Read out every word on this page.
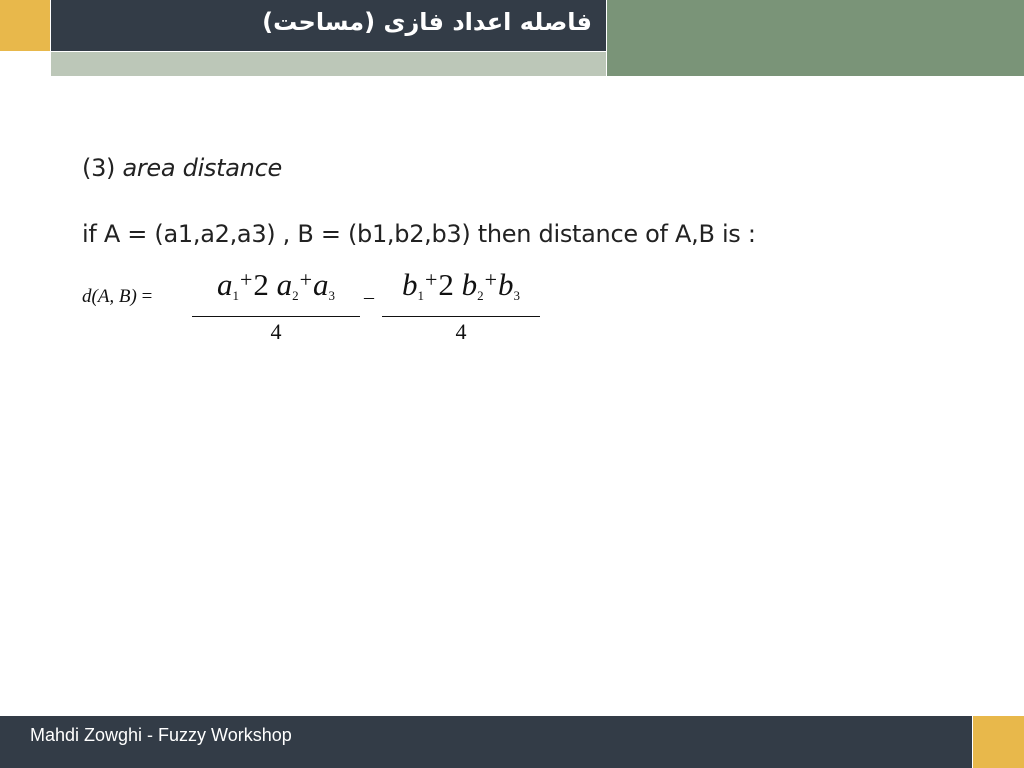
فاصله اعداد فازی (مساحت)
(3) area distance
if A = (a1,a2,a3) , B = (b1,b2,b3) then distance of A,B is :
d(A, B) =	$a_1^+2$ $a_2^+a_3$
4
– $b_1^+2$ $b_2^+b_3$
4
Mahdi Zowghi - Fuzzy Workshop
